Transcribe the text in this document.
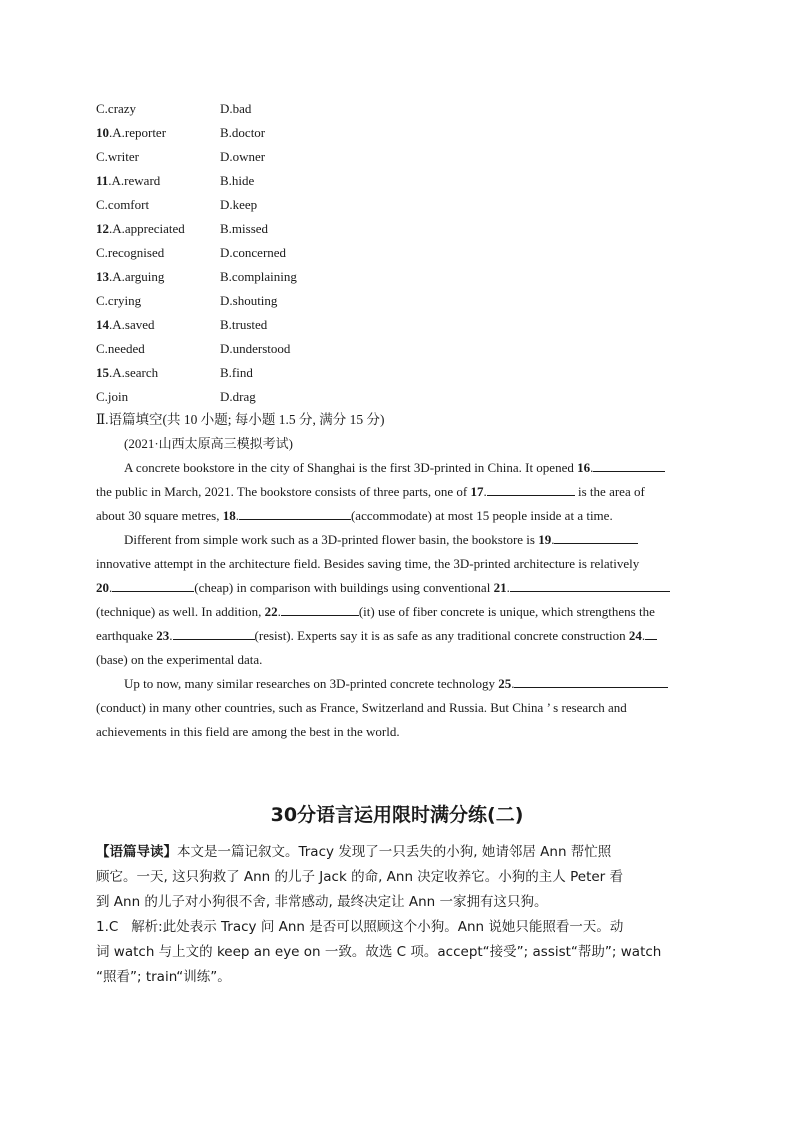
C.crazy	D.bad
10.A.reporter	B.doctor
C.writer	D.owner
11.A.reward	B.hide
C.comfort	D.keep
12.A.appreciated	B.missed
C.recognised	D.concerned
13.A.arguing	B.complaining
C.crying	D.shouting
14.A.saved	B.trusted
C.needed	D.understood
15.A.search	B.find
C.join	D.drag
Ⅱ.语篇填空(共 10 小题; 每小题 1.5 分, 满分 15 分)
(2021·山西太原高三模拟考试)
A concrete bookstore in the city of Shanghai is the first 3D-printed in China. It opened 16.
the public in March, 2021. The bookstore consists of three parts, one of 17.	is the area of
about 30 square metres, 18.	(accommodate) at most 15 people inside at a time.
Different from simple work such as a 3D-printed flower basin, the bookstore is 19.
innovative attempt in the architecture field. Besides saving time, the 3D-printed architecture is relatively
20.	(cheap) in comparison with buildings using conventional 21.
(technique) as well. In addition, 22.	(it) use of fiber concrete is unique, which strengthens the
earthquake 23.	(resist). Experts say it is as safe as any traditional concrete construction 24.
(base) on the experimental data.
Up to now, many similar researches on 3D-printed concrete technology 25.
(conduct) in many other countries, such as France, Switzerland and Russia. But China ’ s research and
achievements in this field are among the best in the world.
30分语言运用限时满分练(二)
【语篇导读】本文是一篇记叙文。Tracy 发现了一只丢失的小狗, 她请邻居 Ann 帮忙照
顾它。一天, 这只狗救了 Ann 的儿子 Jack 的命, Ann 决定收养它。小狗的主人 Peter 看
到 Ann 的儿子对小狗很不舍, 非常感动, 最终决定让 Ann 一家拥有这只狗。
1.C 解析:此处表示 Tracy 问 Ann 是否可以照顾这个小狗。Ann 说她只能照看一天。动
词 watch 与上文的 keep an eye on 一致。故选 C 项。accept“接受”; assist“帮助”; watch
“照看”; train“训练”。
